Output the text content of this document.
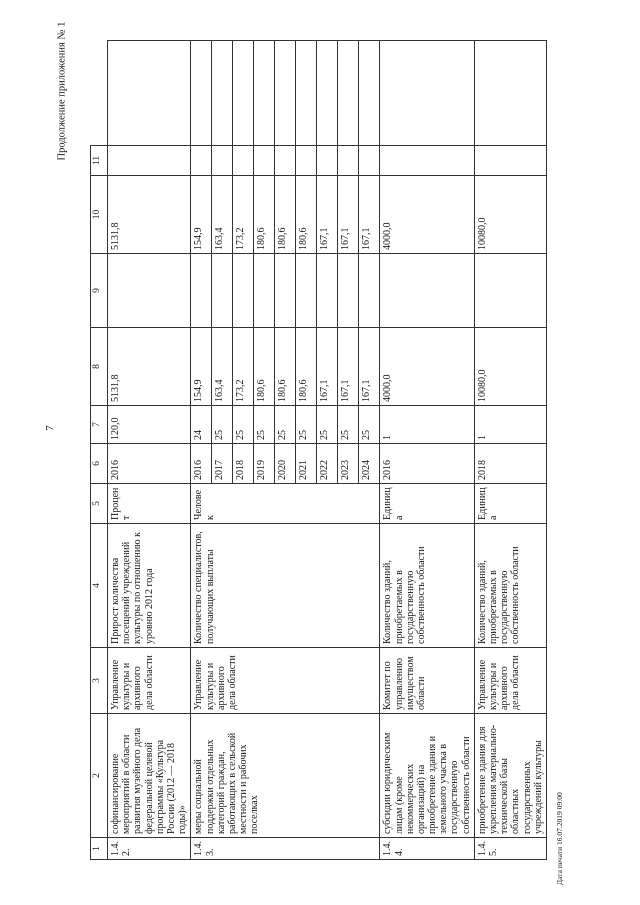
7
Продолжение приложения № 1
Дата печати 16.07.2019 09:00
1	2	3	4	5	6	7	8	9	10	11	
1.4.2.	софинансирование мероприятий в области развития музейного дела федеральной целевой программы «Культура России (2012 — 2018 годы)»	Управление культуры и архивного дела области	Прирост количества посещений учреждений культуры по отношению к уровню 2012 года	Процент	2016	120,0	5131,8		5131,8		
1.4.3.	меры социальной поддержки отдельных категорий граждан, работающих в сельской местности и рабочих поселках	Управление культуры и архивного дела области	Количество специалистов, получающих выплаты	Человек	2016	24	154,9		154,9		
					2017	25	163,4		163,4		
					2018	25	173,2		173,2		
					2019	25	180,6		180,6		
					2020	25	180,6		180,6		
					2021	25	180,6		180,6		
					2022	25	167,1		167,1		
					2023	25	167,1		167,1		
					2024	25	167,1		167,1		
1.4.4.	субсидии юридическим лицам (кроме некоммерческих организаций) на приобретение здания и земельного участка в государственную собственность области	Комитет по управлению имуществом области	Количество зданий, приобретаемых в государственную собственность области	Единица	2016	1	4000,0		4000,0		
1.4.5.	приобретение здания для укрепления материально-технической базы областных государственных учреждений культуры	Управление культуры и архивного дела области	Количество зданий, приобретаемых в государственную собственность области	Единица	2018	1	10080,0		10080,0		
